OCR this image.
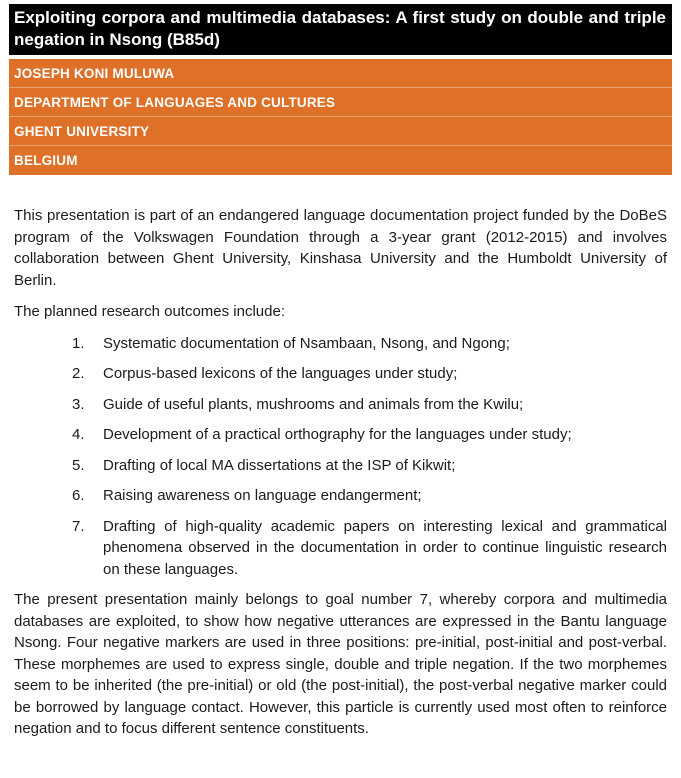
Exploiting corpora and multimedia databases: A first study on double and triple negation in Nsong (B85d)
JOSEPH KONI MULUWA
DEPARTMENT OF LANGUAGES AND CULTURES
GHENT UNIVERSITY
BELGIUM

This presentation is part of an endangered language documentation project funded by the DoBeS program of the Volkswagen Foundation through a 3-year grant (2012-2015) and involves collaboration between Ghent University, Kinshasa University and the Humboldt University of Berlin.

The planned research outcomes include:

1.	Systematic documentation of Nsambaan, Nsong, and Ngong;
2.	Corpus-based lexicons of the languages under study;
3.	Guide of useful plants, mushrooms and animals from the Kwilu;
4.	Development of a practical orthography for the languages under study;
5.	Drafting of local MA dissertations at the ISP of Kikwit;
6.	Raising awareness on language endangerment;
7.	Drafting of high-quality academic papers on interesting lexical and grammatical phenomena observed in the documentation in order to continue linguistic research on these languages.

The present presentation mainly belongs to goal number 7, whereby corpora and multimedia databases are exploited, to show how negative utterances are expressed in the Bantu language Nsong. Four negative markers are used in three positions: pre-initial, post-initial and post-verbal. These morphemes are used to express single, double and triple negation. If the two morphemes seem to be inherited (the pre-initial) or old (the post-initial), the post-verbal negative marker could be borrowed by language contact. However, this particle is currently used most often to reinforce negation and to focus different sentence constituents.
